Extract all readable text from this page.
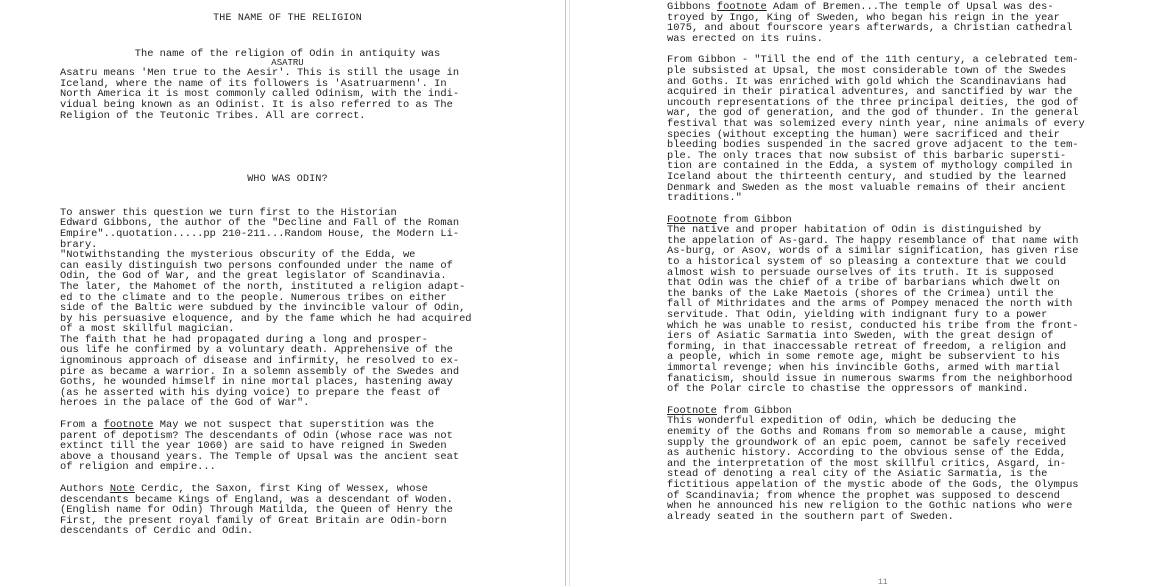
THE NAME OF THE RELIGION

The name of the religion of Odin in antiquity was

ASATRU

Asatru means 'Men true to the Aesir'. This is still the usage in
Iceland, where the name of its followers is 'Asatruarmenn'. In
North America it is most commonly called Odinism, with the indi-
vidual being known as an Odinist. It is also referred to as The
Religion of the Teutonic Tribes. All are correct.

WHO WAS ODIN?

To answer this question we turn first to the Historian
Edward Gibbons, the author of the "Decline and Fall of the Roman
Empire"..quotation.....pp 210-211...Random House, the Modern Li-
brary.

"Notwithstanding the mysterious obscurity of the Edda, we
can easily distinguish two persons confounded under the name of
Odin, the God of War, and the great legislator of Scandinavia.
The later, the Mahomet of the north, instituted a religion adapt-
ed to the climate and to the people. Numerous tribes on either
side of the Baltic were subdued by the invincible valour of Odin,
by his persuasive eloquence, and by the fame which he had acquired
of a most skillful magician.

The faith that he had propagated during a long and prosper-
ous life he confirmed by a voluntary death. Apprehensive of the
ignominous approach of disease and infirmity, he resolved to ex-
pire as became a warrior. In a solemn assembly of the Swedes and
Goths, he wounded himself in nine mortal places, hastening away
(as he asserted with his dying voice) to prepare the feast of
heroes in the palace of the God of War".

From a footnote May we not suspect that superstition was the
parent of depotism? The descendants of Odin (whose race was not
extinct till the year 1060) are said to have reigned in Sweden
above a thousand years. The Temple of Upsal was the ancient seat
of religion and empire...

Authors Note Cerdic, the Saxon, first King of Wessex, whose
descendants became Kings of England, was a descendant of Woden.
(English name for Odin) Through Matilda, the Queen of Henry the
First, the present royal family of Great Britain are Odin-born
descendants of Cerdic and Odin.

Gibbons footnote Adam of Bremen...The temple of Upsal was des-
troyed by Ingo, King of Sweden, who began his reign in the year
1075, and about fourscore years afterwards, a Christian cathedral
was erected on its ruins.

From Gibbon - "Till the end of the 11th century, a celebrated tem-
ple subsisted at Upsal, the most considerable town of the Swedes
and Goths. It was enriched with gold which the Scandinavians had
acquired in their piratical adventures, and sanctified by war the
uncouth representations of the three principal deities, the god of
war, the god of generation, and the god of thunder. In the general
festival that was solemized every ninth year, nine animals of every
species (without excepting the human) were sacrificed and their
bleeding bodies suspended in the sacred grove adjacent to the tem-
ple. The only traces that now subsist of this barbaric supersti-
tion are contained in the Edda, a system of mythology compiled in
Iceland about the thirteenth century, and studied by the learned
Denmark and Sweden as the most valuable remains of their ancient
traditions."

Footnote from Gibbon

The native and proper habitation of Odin is distinguished by
the appelation of As-gard. The happy resemblance of that name with
As-burg, or Asov, words of a similar signification, has given rise
to a historical system of so pleasing a contexture that we could
almost wish to persuade ourselves of its truth. It is supposed
that Odin was the chief of a tribe of barbarians which dwelt on
the banks of the Lake Maetois (shores of the Crimea) until the
fall of Mithridates and the arms of Pompey menaced the north with
servitude. That Odin, yielding with indignant fury to a power
which he was unable to resist, conducted his tribe from the front-
iers of Asiatic Sarmatia into Sweden, with the great design of
forming, in that inaccessable retreat of freedom, a religion and
a people, which in some remote age, might be subservient to his
immortal revenge; when his invincible Goths, armed with martial
fanaticism, should issue in numerous swarms from the neighborhood
of the Polar circle to chastise the oppressors of mankind.

Footnote from Gibbon

This wonderful expedition of Odin, which be deducing the
enemity of the Goths and Romans from so memorable a cause, might
supply the groundwork of an epic poem, cannot be safely received
as authenic history. According to the obvious sense of the Edda,
and the interpretation of the most skillful critics, Asgard, in-
stead of denoting a real city of the Asiatic Sarmatia, is the
fictitious appelation of the mystic abode of the Gods, the Olympus
of Scandinavia; from whence the prophet was supposed to descend
when he announced his new religion to the Gothic nations who were
already seated in the southern part of Sweden.

11
